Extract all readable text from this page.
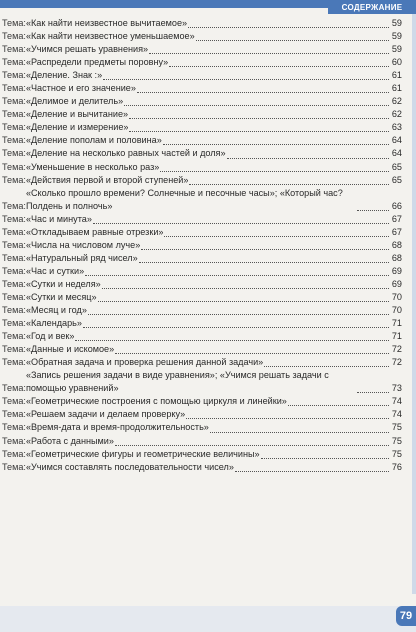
СОДЕРЖАНИЕ
Тема: «Как найти неизвестное вычитаемое»	59
Тема: «Как найти неизвестное уменьшаемое»	59
Тема: «Учимся решать уравнения»	59
Тема: «Распредели предметы поровну»	60
Тема: «Деление. Знак :»	61
Тема: «Частное и его значение»	61
Тема: «Делимое и делитель»	62
Тема: «Деление и вычитание»	62
Тема: «Деление и измерение»	63
Тема: «Деление пополам и половина»	64
Тема: «Деление на несколько равных частей и доля»	64
Тема: «Уменьшение в несколько раз»	65
Тема: «Действия первой и второй ступеней»	65
Тема:
«Сколько прошло времени? Солнечные и песочные часы»; «Который час? Полдень и полночь»	66
Тема: «Час и минута»	67
Тема: «Откладываем равные отрезки»	67
Тема: «Числа на числовом луче»	68
Тема: «Натуральный ряд чисел»	68
Тема: «Час и сутки»	69
Тема: «Сутки и неделя»	69
Тема: «Сутки и месяц»	70
Тема: «Месяц и год»	70
Тема: «Календарь»	71
Тема: «Год и век»	71
Тема: «Данные и искомое»	72
Тема: «Обратная задача и проверка решения данной задачи»	72
Тема:
«Запись решения задачи в виде уравнения»; «Учимся решать задачи с помощью уравнений»	73
Тема: «Геометрические построения с помощью циркуля и линейки»	74
Тема: «Решаем задачи и делаем проверку»	74
Тема: «Время-дата и время-продолжительность»	75
Тема: «Работа с данными»	75
Тема: «Геометрические фигуры и геометрические величины»	75
Тема: «Учимся составлять последовательности чисел»	76
79
